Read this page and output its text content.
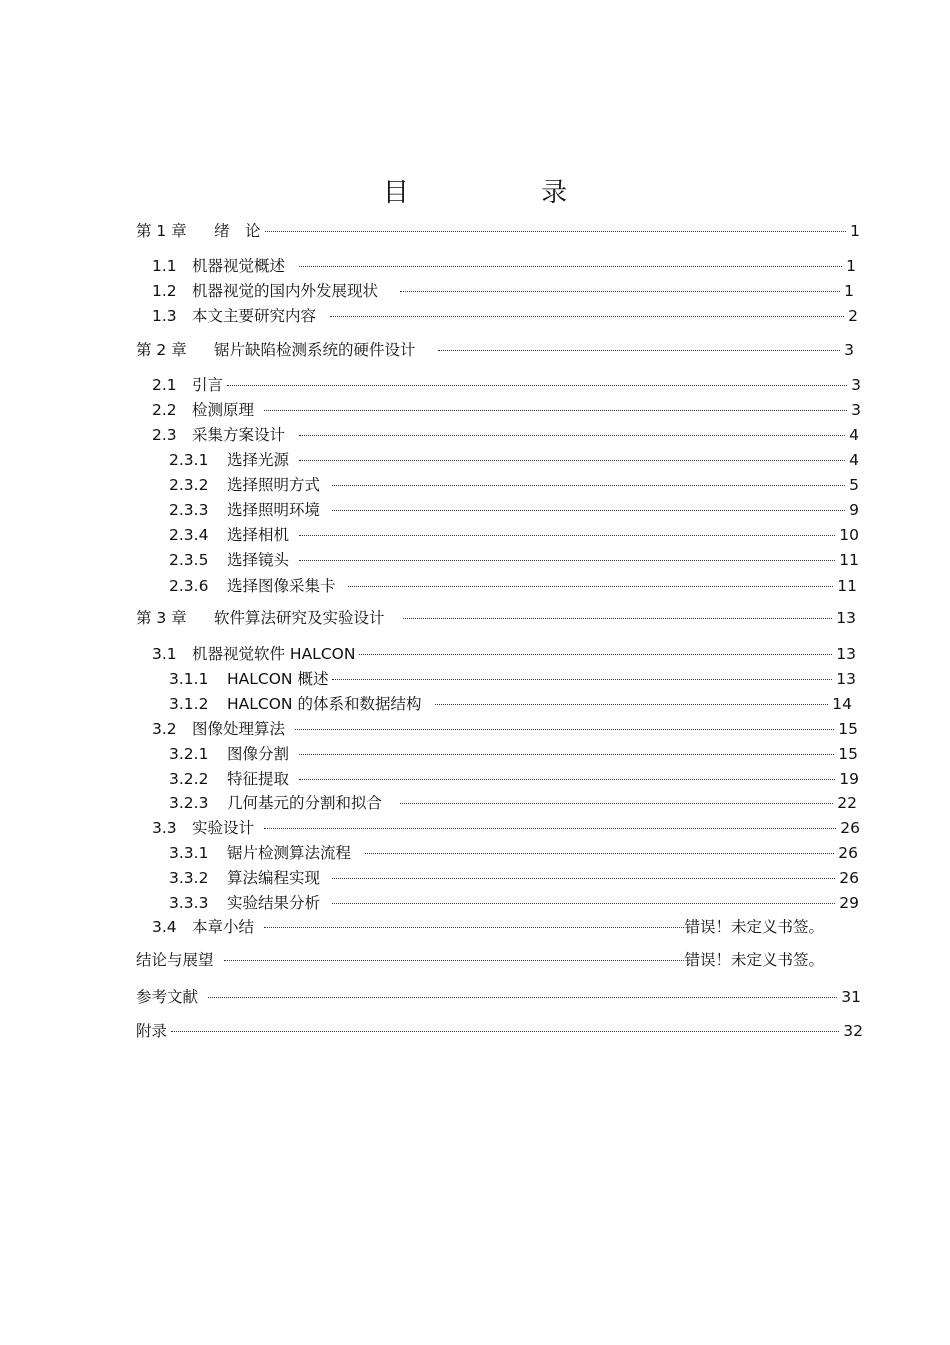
目 录
第 1 章	绪　论	1
1.1 机器视觉概述	1
1.2 机器视觉的国内外发展现状	1
1.3 本文主要研究内容	2
第 2 章	锯片缺陷检测系统的硬件设计	3
2.1 引言	3
2.2 检测原理	3
2.3 采集方案设计	4
2.3.1	选择光源	4
2.3.2	选择照明方式	5
2.3.3	选择照明环境	9
2.3.4	选择相机	10
2.3.5	选择镜头	11
2.3.6	选择图像采集卡	11
第 3 章	软件算法研究及实验设计	13
3.1 机器视觉软件 HALCON	13
3.1.1	HALCON 概述	13
3.1.2	HALCON 的体系和数据结构	14
3.2 图像处理算法	15
3.2.1	图像分割	15
3.2.2	特征提取	19
3.2.3	几何基元的分割和拟合	22
3.3 实验设计	26
3.3.1	锯片检测算法流程	26
3.3.2	算法编程实现	26
3.3.3	实验结果分析	29
3.4 本章小结	错误！未定义书签。
结论与展望	错误！未定义书签。
参考文献	31
附录	32
